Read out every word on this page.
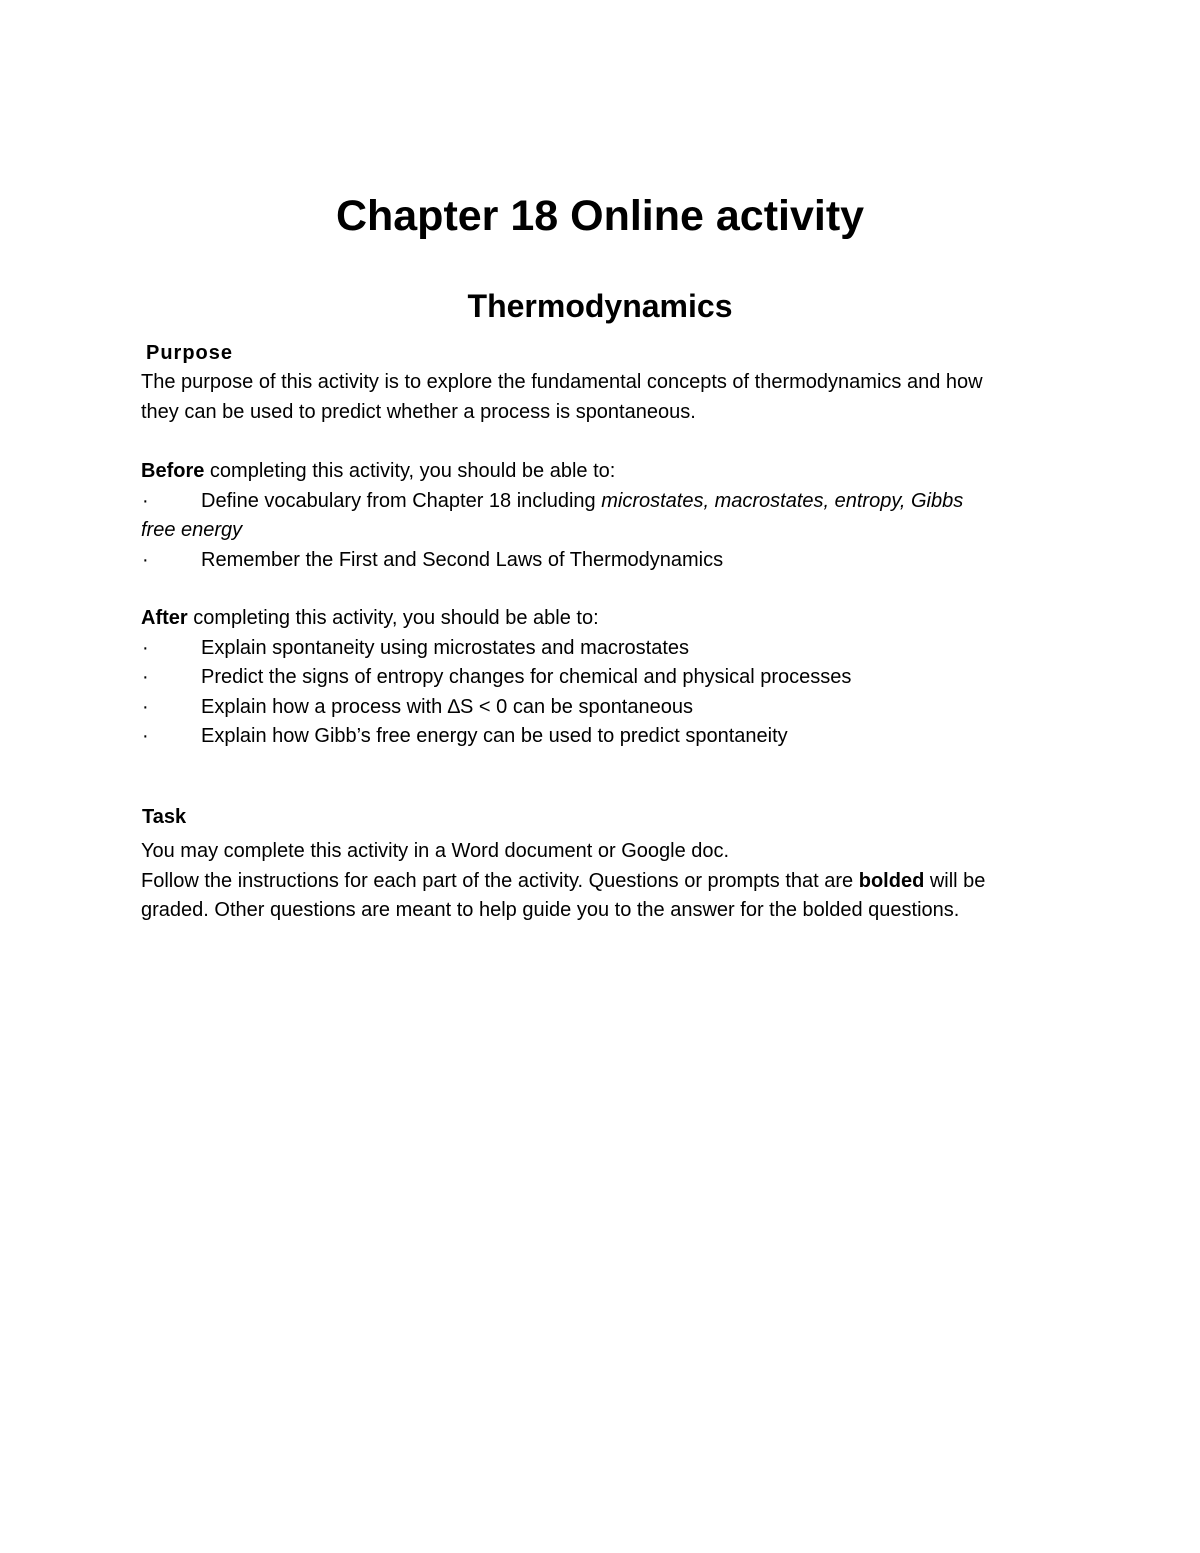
Chapter 18 Online activity
Thermodynamics
Purpose
The purpose of this activity is to explore the fundamental concepts of thermodynamics and how
they can be used to predict whether a process is spontaneous.
Before completing this activity, you should be able to:
·	Define vocabulary from Chapter 18 including microstates, macrostates, entropy, Gibbs
free energy
·	Remember the First and Second Laws of Thermodynamics
After completing this activity, you should be able to:
·	Explain spontaneity using microstates and macrostates
·	Predict the signs of entropy changes for chemical and physical processes
·	Explain how a process with ∆S < 0 can be spontaneous
·	Explain how Gibb’s free energy can be used to predict spontaneity
Task
You may complete this activity in a Word document or Google doc.
Follow the instructions for each part of the activity. Questions or prompts that are bolded will be
graded. Other questions are meant to help guide you to the answer for the bolded questions.
